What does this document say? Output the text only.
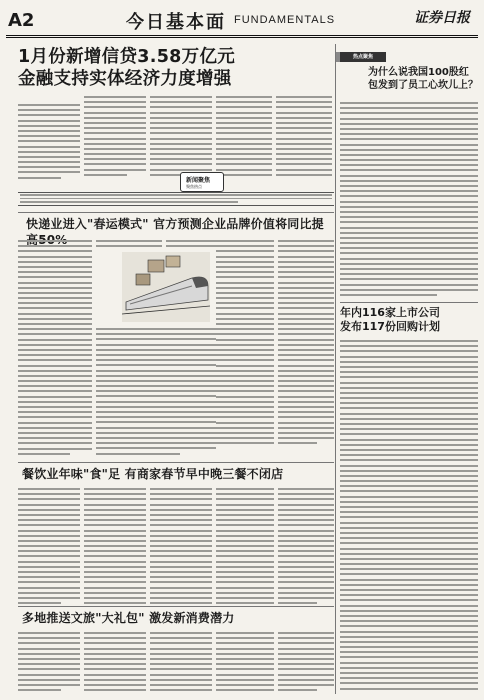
A2	今日基本面 FUNDAMENTALS	证券日报
1月份新增信贷3.58万亿元
金融支持实体经济力度增强
新闻聚焦
聚焦热点
热点聚焦
为什么说我国100股红包发到了员工心坎儿上？
快递业进入"春运模式" 官方预测企业品牌价值将同比提
年内116家上市公司
发布117份回购计划
餐饮业年味"食"足 有商家春节早中晚三餐不闭店
多地推送文旅"大礼包" 激发新消费潜力
